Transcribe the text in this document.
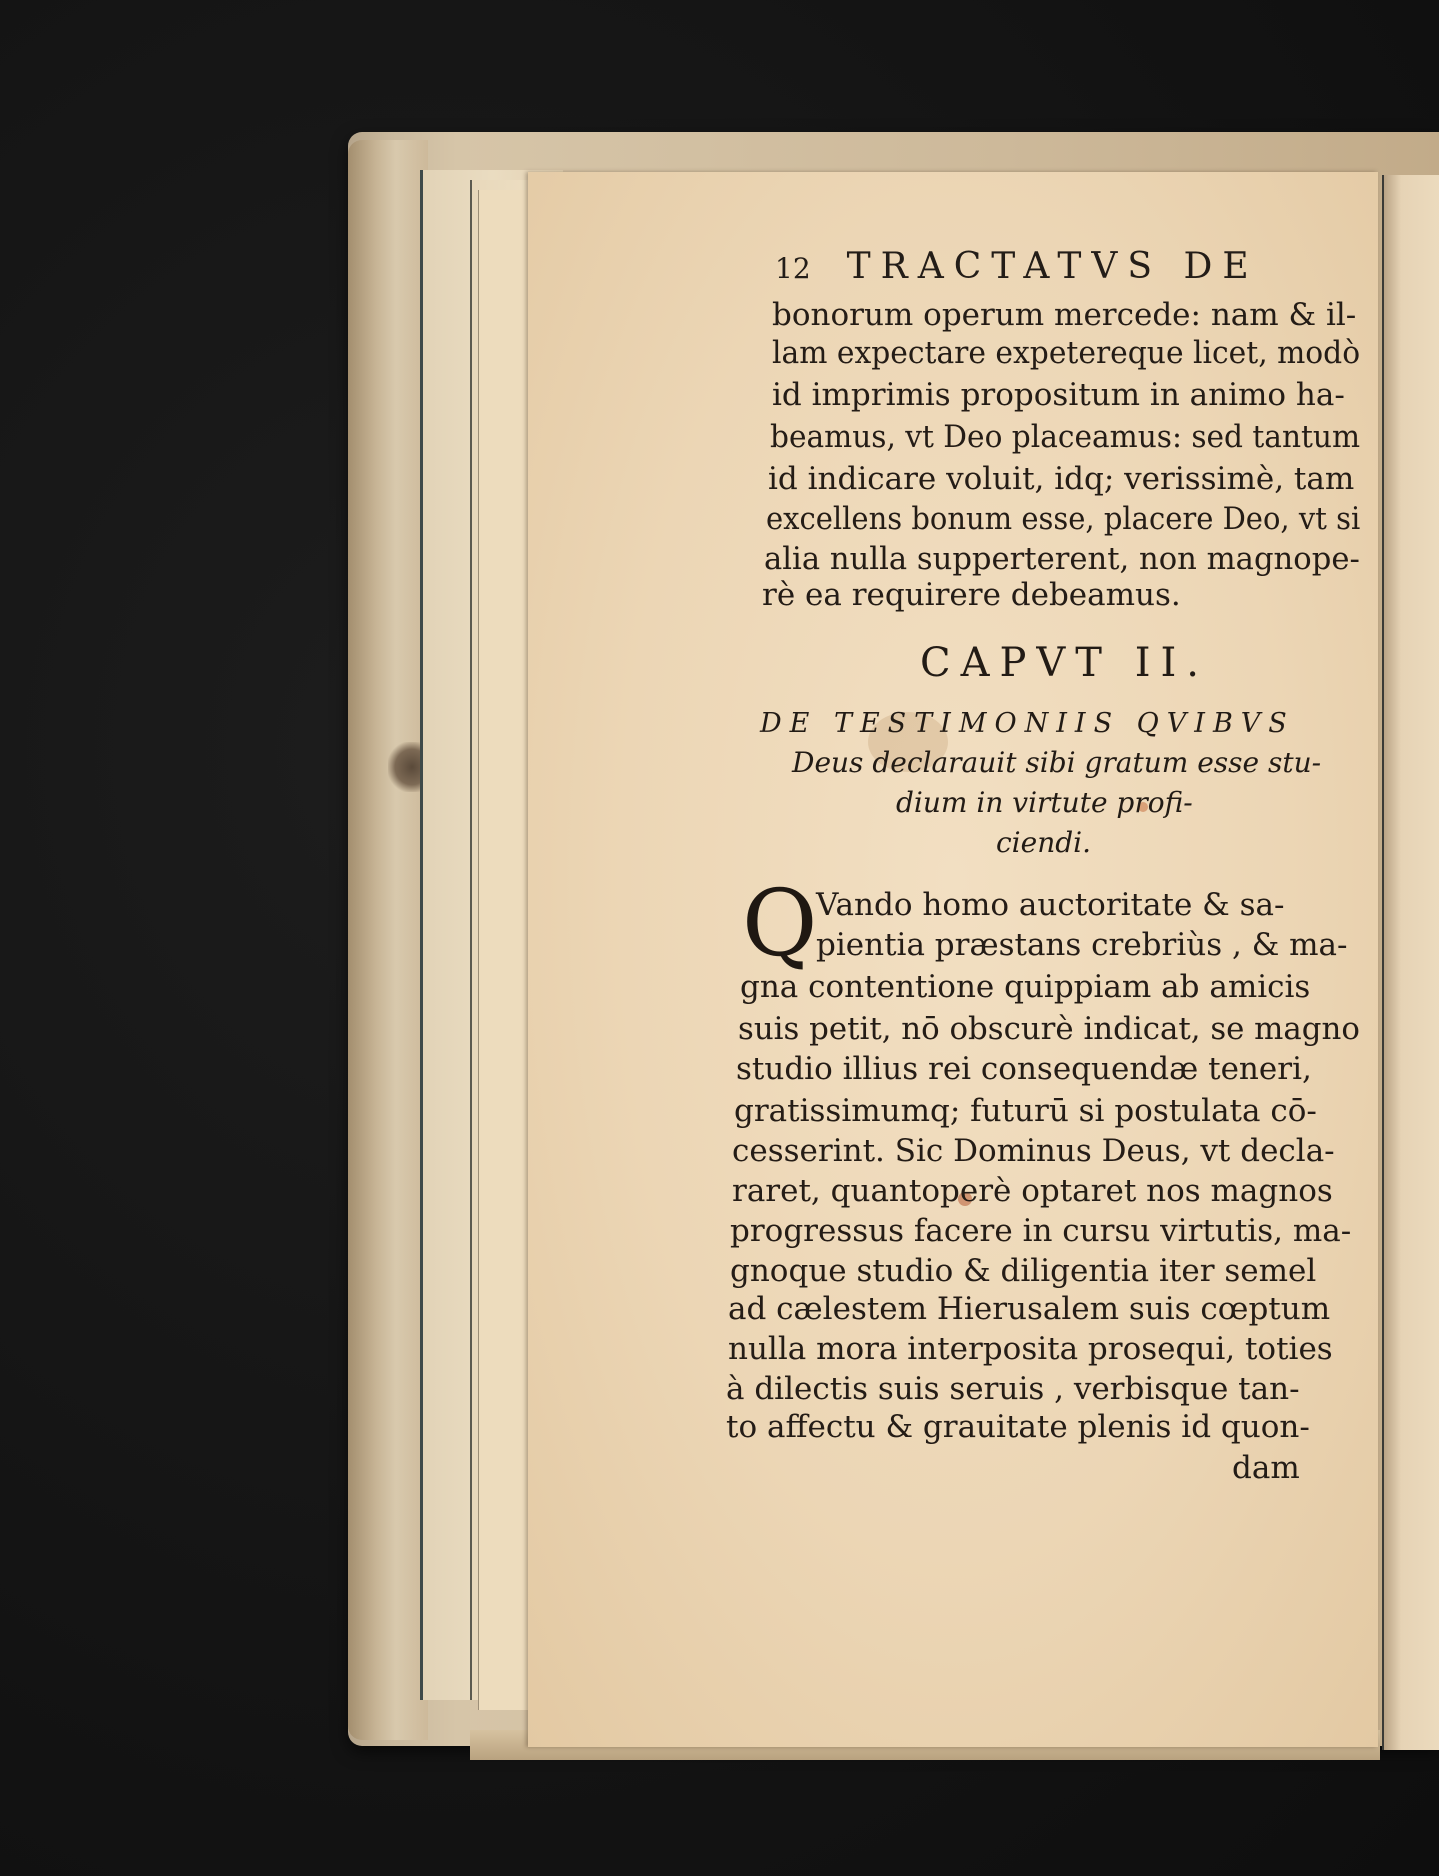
12 TRACTATVS DE
bonorum operum mercede: nam & il-
lam expectare expetereque licet, modò
id imprimis propositum in animo ha-
beamus, vt Deo placeamus: sed tantum
id indicare voluit, idq; verissimè, tam
excellens bonum esse, placere Deo, vt si
alia nulla supperterent, non magnope-
rè ea requirere debeamus.
CAPVT II.
DE TESTIMONIIS QVIBVS
Deus declarauit sibi gratum esse stu-
dium in virtute profi-
ciendi.
Q
Vando homo auctoritate & sa-
pientia præstans crebriùs , & ma-
gna contentione quippiam ab amicis
suis petit, nō obscurè indicat, se magno
studio illius rei consequendæ teneri,
gratissimumq; futurū si postulata cō-
cesserint. Sic Dominus Deus, vt decla-
raret, quantoperè optaret nos magnos
progressus facere in cursu virtutis, ma-
gnoque studio & diligentia iter semel
ad cælestem Hierusalem suis cœptum
nulla mora interposita prosequi, toties
à dilectis suis seruis , verbisque tan-
to affectu & grauitate plenis id quon-
dam
